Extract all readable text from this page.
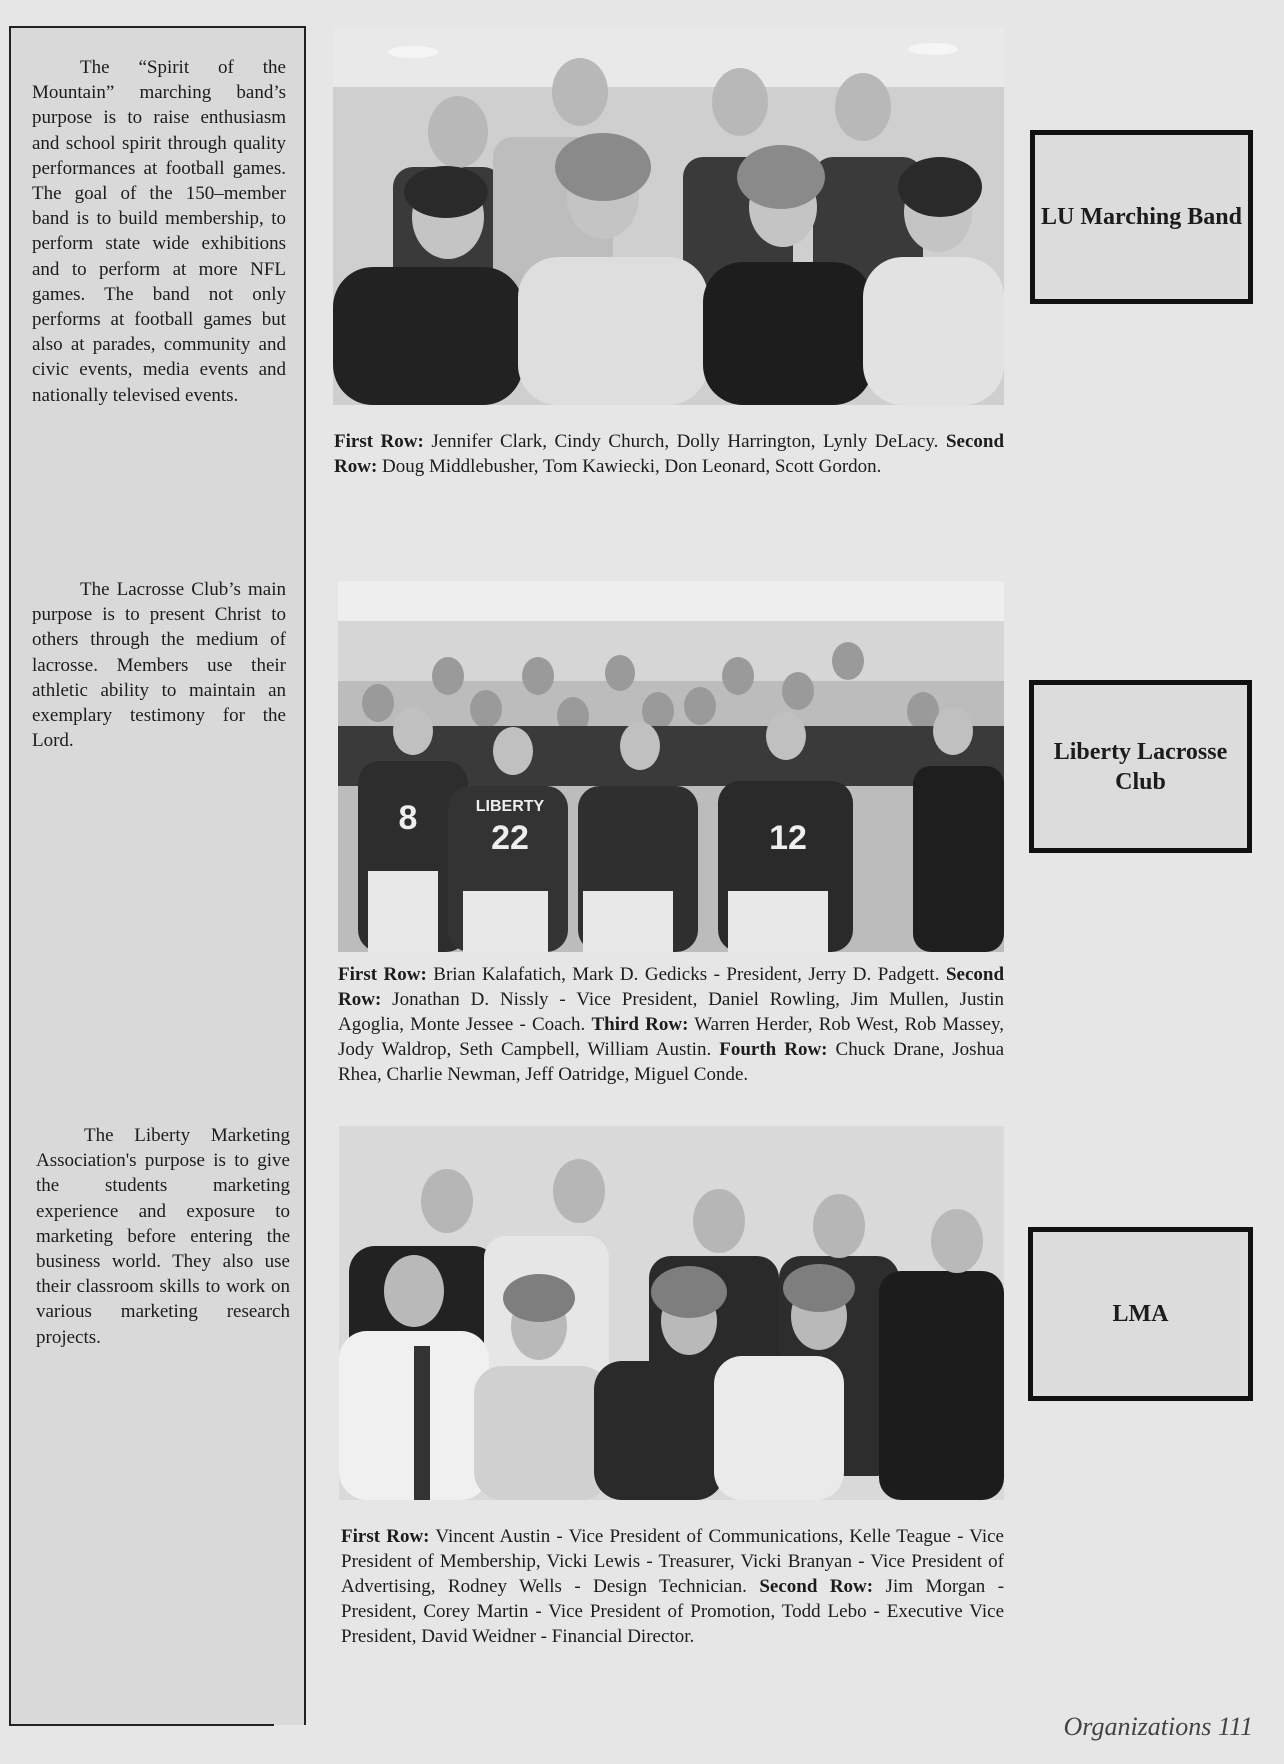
The “Spirit of the Mountain” marching band’s purpose is to raise enthusiasm and school spirit through quality performances at football games. The goal of the 150–member band is to build membership, to perform state wide exhibitions and to perform at more NFL games. The band not only performs at football games but also at parades, community and civic events, media events and nationally televised events.

The Lacrosse Club’s main purpose is to present Christ to others through the medium of lacrosse. Members use their athletic ability to maintain an exemplary testimony for the Lord.

The Liberty Marketing Association's purpose is to give the students marketing experience and exposure to marketing before entering the business world. They also use their classroom skills to work on various marketing research projects.

First Row: Jennifer Clark, Cindy Church, Dolly Harrington, Lynly DeLacy. Second Row: Doug Middlebusher, Tom Kawiecki, Don Leonard, Scott Gordon.

LU Marching Band
8
22	12
LIBERTY

First Row: Brian Kalafatich, Mark D. Gedicks - President, Jerry D. Padgett. Second Row: Jonathan D. Nissly - Vice President, Daniel Rowling, Jim Mullen, Justin Agoglia, Monte Jessee - Coach. Third Row: Warren Herder, Rob West, Rob Massey, Jody Waldrop, Seth Campbell, William Austin. Fourth Row: Chuck Drane, Joshua Rhea, Charlie Newman, Jeff Oatridge, Miguel Conde.

Liberty Lacrosse Club

First Row: Vincent Austin - Vice President of Communications, Kelle Teague - Vice President of Membership, Vicki Lewis - Treasurer, Vicki Branyan - Vice President of Advertising, Rodney Wells - Design Technician. Second Row: Jim Morgan - President, Corey Martin - Vice President of Promotion, Todd Lebo - Executive Vice President, David Weidner - Financial Director.

LMA
Organizations 111
